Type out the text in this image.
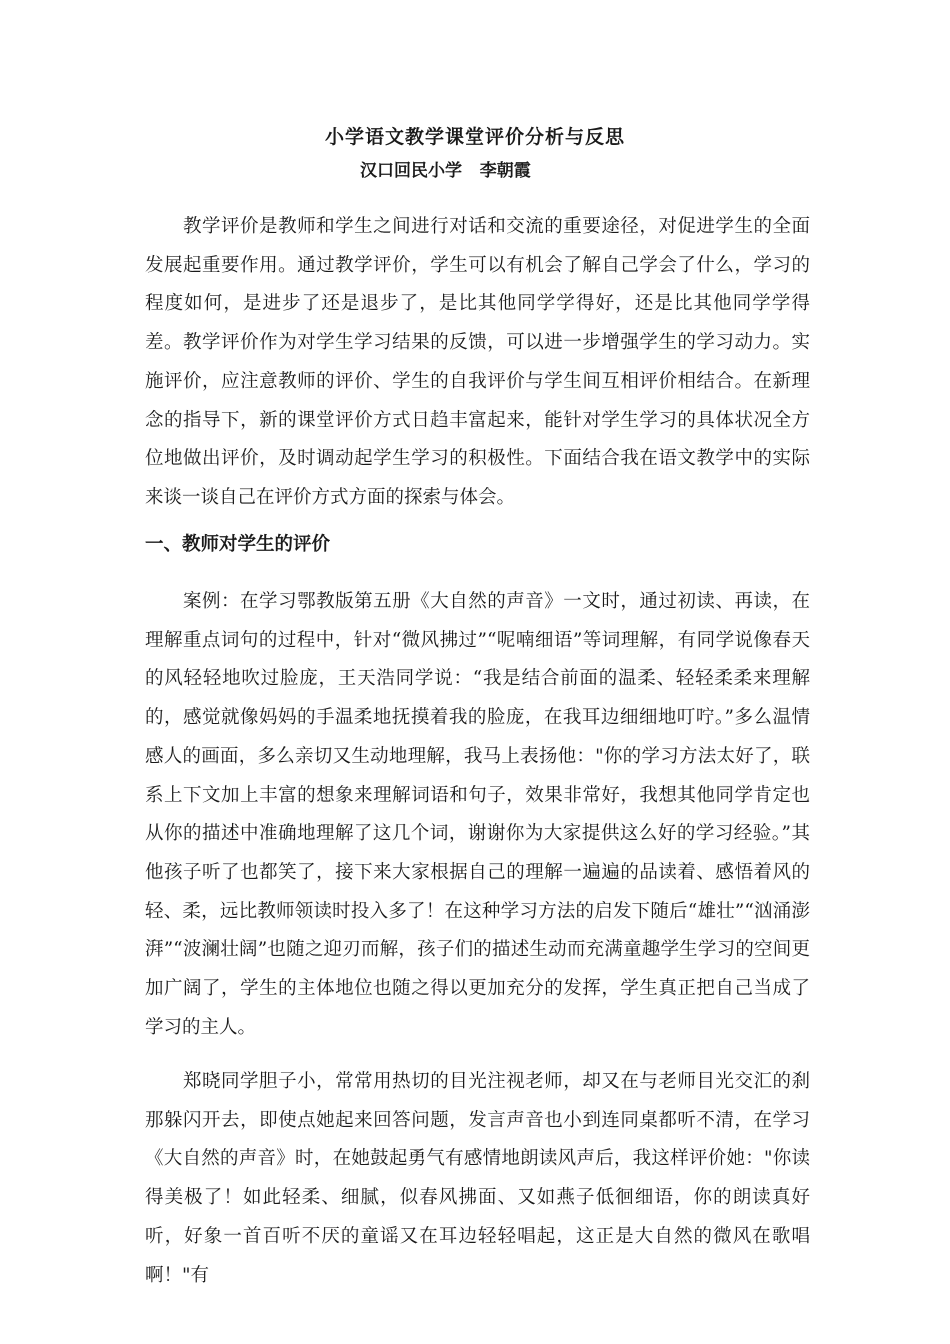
小学语文教学课堂评价分析与反思
汉口回民小学   李朝霞

教学评价是教师和学生之间进行对话和交流的重要途径，对促进学生的全面发展起重要作用。通过教学评价，学生可以有机会了解自己学会了什么，学习的程度如何，是进步了还是退步了，是比其他同学学得好，还是比其他同学学得差。教学评价作为对学生学习结果的反馈，可以进一步增强学生的学习动力。实施评价，应注意教师的评价、学生的自我评价与学生间互相评价相结合。在新理念的指导下，新的课堂评价方式日趋丰富起来，能针对学生学习的具体状况全方位地做出评价，及时调动起学生学习的积极性。下面结合我在语文教学中的实际来谈一谈自己在评价方式方面的探索与体会。

一、教师对学生的评价

案例：在学习鄂教版第五册《大自然的声音》一文时，通过初读、再读，在理解重点词句的过程中，针对“微风拂过”“呢喃细语”等词理解，有同学说像春天的风轻轻地吹过脸庞，王天浩同学说：“我是结合前面的温柔、轻轻柔柔来理解的，感觉就像妈妈的手温柔地抚摸着我的脸庞，在我耳边细细地叮咛。”多么温情感人的画面，多么亲切又生动地理解，我马上表扬他："你的学习方法太好了，联系上下文加上丰富的想象来理解词语和句子，效果非常好，我想其他同学肯定也从你的描述中准确地理解了这几个词，谢谢你为大家提供这么好的学习经验。”其他孩子听了也都笑了，接下来大家根据自己的理解一遍遍的品读着、感悟着风的轻、柔，远比教师领读时投入多了！在这种学习方法的启发下随后“雄壮”“汹涌澎湃”“波澜壮阔”也随之迎刃而解，孩子们的描述生动而充满童趣学生学习的空间更加广阔了，学生的主体地位也随之得以更加充分的发挥，学生真正把自己当成了学习的主人。

郑晓同学胆子小，常常用热切的目光注视老师，却又在与老师目光交汇的刹那躲闪开去，即使点她起来回答问题，发言声音也小到连同桌都听不清，在学习《大自然的声音》时，在她鼓起勇气有感情地朗读风声后，我这样评价她："你读得美极了！如此轻柔、细腻，似春风拂面、又如燕子低徊细语，你的朗读真好听，好象一首百听不厌的童谣又在耳边轻轻唱起，这正是大自然的微风在歌唱啊！"有
